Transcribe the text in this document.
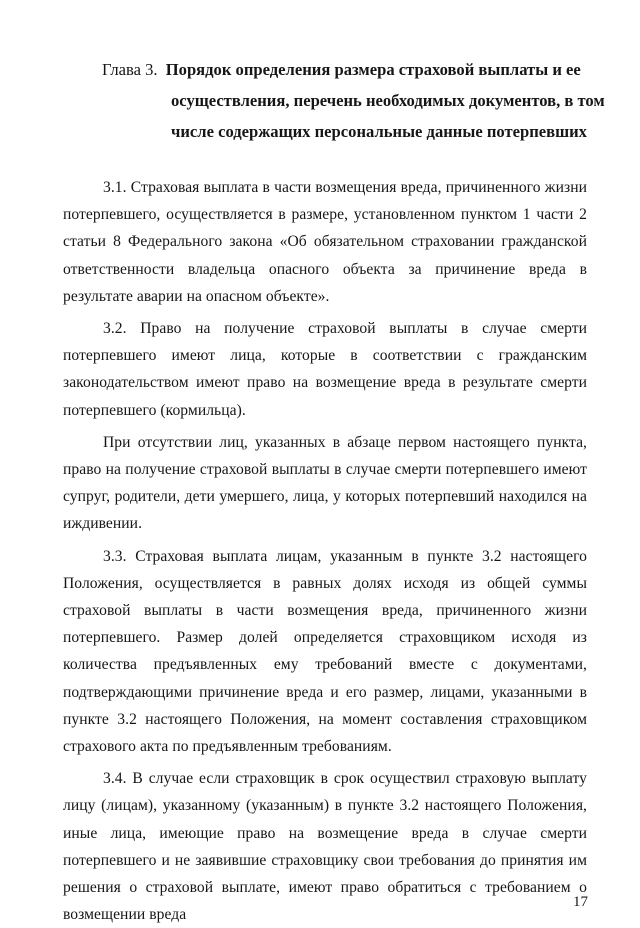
Глава 3. Порядок определения размера страховой выплаты и ее
осуществления, перечень необходимых документов, в том
числе содержащих персональные данные потерпевших

3.1. Страховая выплата в части возмещения вреда, причиненного жизни потерпевшего, осуществляется в размере, установленном пунктом 1 части 2 статьи 8 Федерального закона «Об обязательном страховании гражданской ответственности владельца опасного объекта за причинение вреда в результате аварии на опасном объекте».

3.2. Право на получение страховой выплаты в случае смерти потерпевшего имеют лица, которые в соответствии с гражданским законодательством имеют право на возмещение вреда в результате смерти потерпевшего (кормильца).

При отсутствии лиц, указанных в абзаце первом настоящего пункта, право на получение страховой выплаты в случае смерти потерпевшего имеют супруг, родители, дети умершего, лица, у которых потерпевший находился на иждивении.

3.3. Страховая выплата лицам, указанным в пункте 3.2 настоящего Положения, осуществляется в равных долях исходя из общей суммы страховой выплаты в части возмещения вреда, причиненного жизни потерпевшего. Размер долей определяется страховщиком исходя из количества предъявленных ему требований вместе с документами, подтверждающими причинение вреда и его размер, лицами, указанными в пункте 3.2 настоящего Положения, на момент составления страховщиком страхового акта по предъявленным требованиям.

3.4. В случае если страховщик в срок осуществил страховую выплату лицу (лицам), указанному (указанным) в пункте 3.2 настоящего Положения, иные лица, имеющие право на возмещение вреда в случае смерти потерпевшего и не заявившие страховщику свои требования до принятия им решения о страховой выплате, имеют право обратиться с требованием о возмещении вреда

17
